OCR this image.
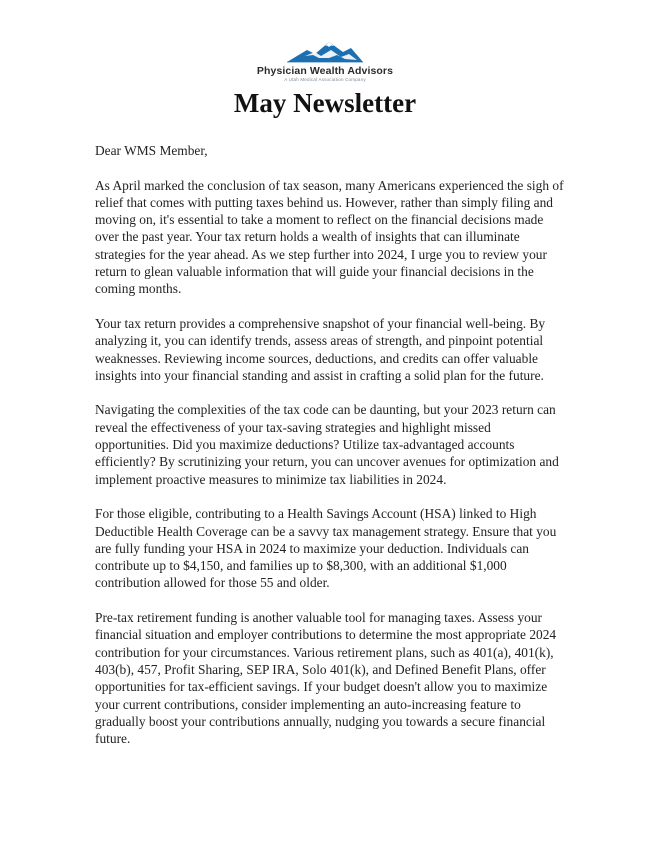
Physician Wealth Advisors
A Utah Medical Association Company
May Newsletter

Dear WMS Member,

As April marked the conclusion of tax season, many Americans experienced the sigh of relief that comes with putting taxes behind us. However, rather than simply filing and moving on, it's essential to take a moment to reflect on the financial decisions made over the past year. Your tax return holds a wealth of insights that can illuminate strategies for the year ahead. As we step further into 2024, I urge you to review your return to glean valuable information that will guide your financial decisions in the coming months.

Your tax return provides a comprehensive snapshot of your financial well-being. By analyzing it, you can identify trends, assess areas of strength, and pinpoint potential weaknesses. Reviewing income sources, deductions, and credits can offer valuable insights into your financial standing and assist in crafting a solid plan for the future.

Navigating the complexities of the tax code can be daunting, but your 2023 return can reveal the effectiveness of your tax-saving strategies and highlight missed opportunities. Did you maximize deductions? Utilize tax-advantaged accounts efficiently? By scrutinizing your return, you can uncover avenues for optimization and implement proactive measures to minimize tax liabilities in 2024.

For those eligible, contributing to a Health Savings Account (HSA) linked to High Deductible Health Coverage can be a savvy tax management strategy. Ensure that you are fully funding your HSA in 2024 to maximize your deduction. Individuals can contribute up to $4,150, and families up to $8,300, with an additional $1,000 contribution allowed for those 55 and older.

Pre-tax retirement funding is another valuable tool for managing taxes. Assess your financial situation and employer contributions to determine the most appropriate 2024 contribution for your circumstances. Various retirement plans, such as 401(a), 401(k), 403(b), 457, Profit Sharing, SEP IRA, Solo 401(k), and Defined Benefit Plans, offer opportunities for tax-efficient savings. If your budget doesn't allow you to maximize your current contributions, consider implementing an auto-increasing feature to gradually boost your contributions annually, nudging you towards a secure financial future.
